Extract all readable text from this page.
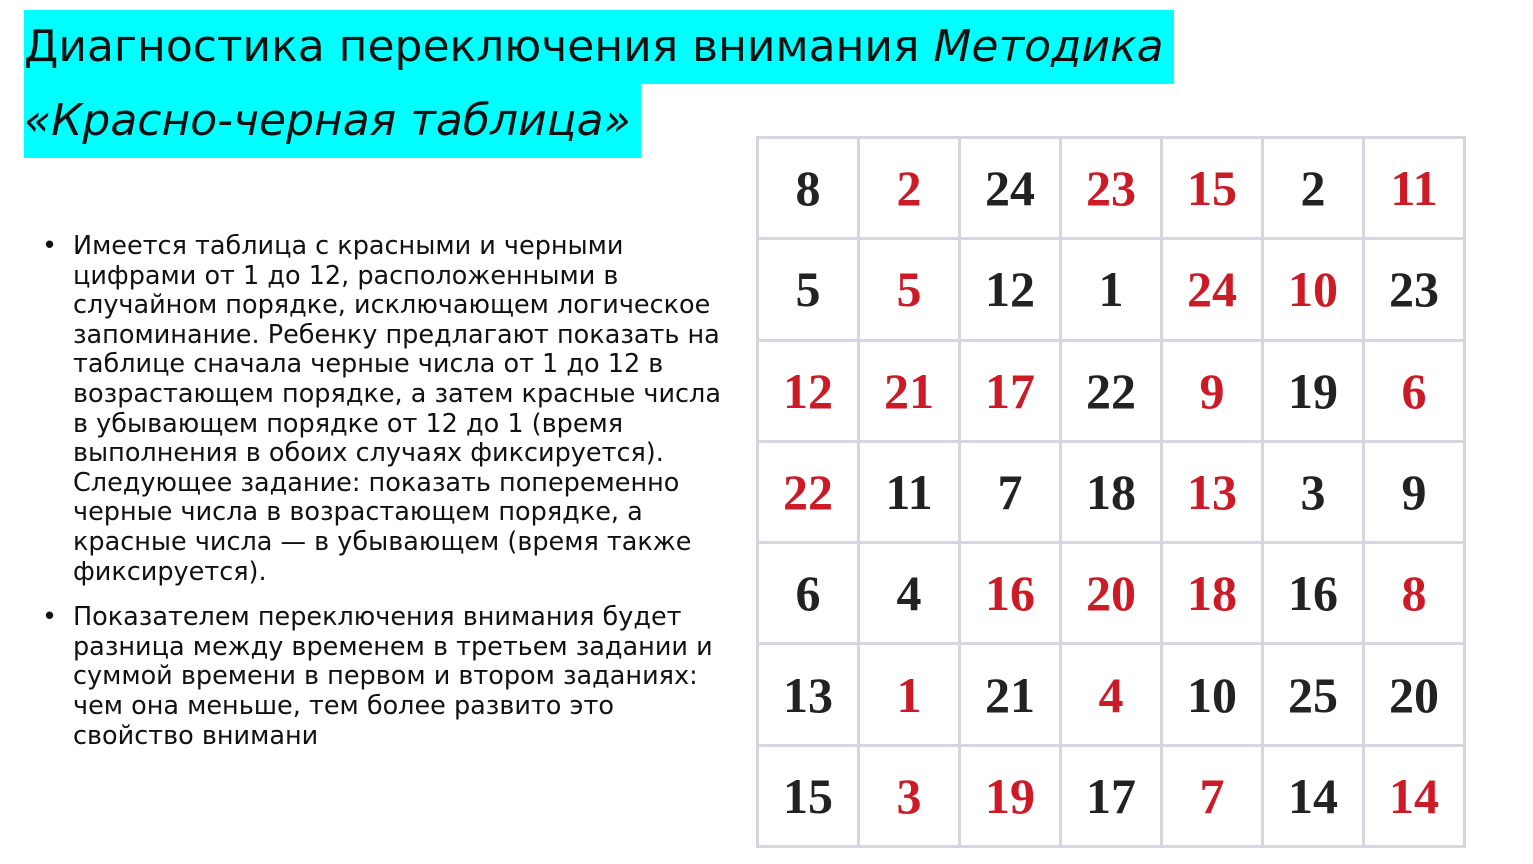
Диагностика переключения внимания Методика
«Красно-черная таблица»
• Имеется таблица с красными и черными цифрами от 1 до 12, расположенными в случайном порядке, исключающем логическое запоминание. Ребенку предлагают показать на таблице сначала черные числа от 1 до 12 в возрастающем порядке, а затем красные числа в убывающем порядке от 12 до 1 (время выполнения в обоих случаях фиксируется). Следующее задание: показать попеременно черные числа в возрастающем порядке, а красные числа — в убывающем (время также фиксируется).
• Показателем переключения внимания будет разница между временем в третьем задании и суммой времени в первом и втором заданиях: чем она меньше, тем более развито это свойство внимани
8	2	24	23	15	2	11
5	5	12	1	24	10	23
12	21	17	22	9	19	6
22	11	7	18	13	3	9
6	4	16	20	18	16	8
13	1	21	4	10	25	20
15	3	19	17	7	14	14
